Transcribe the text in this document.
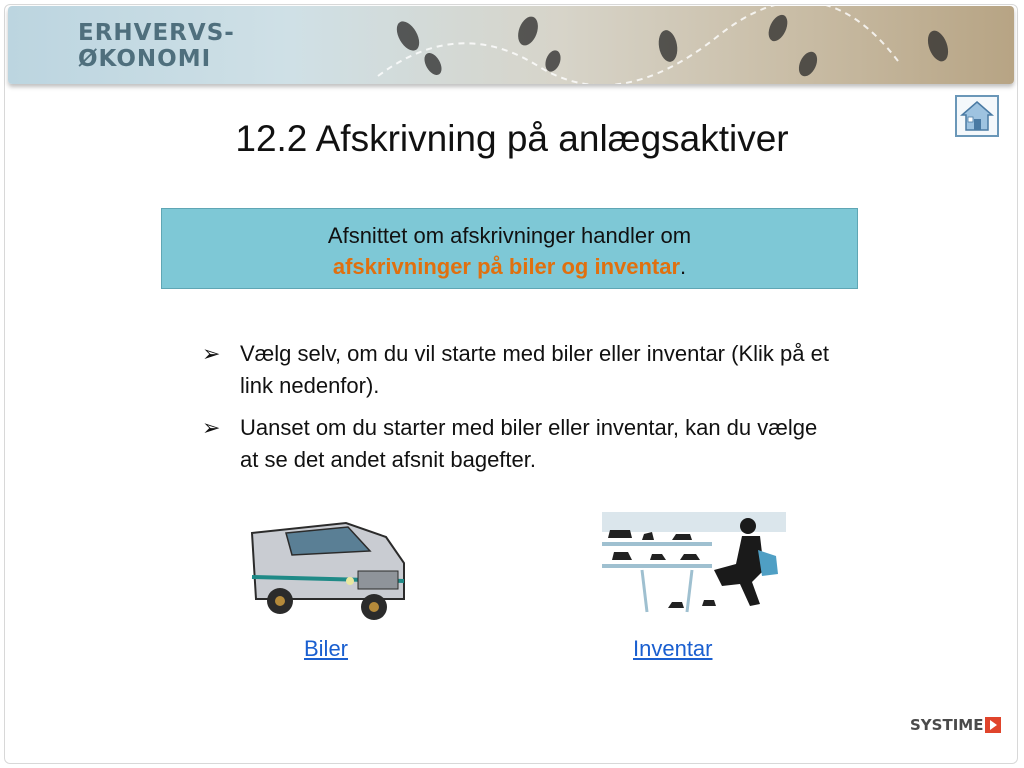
ERHVERVS-
ØKONOMI
12.2 Afskrivning på anlægsaktiver
Afsnittet om afskrivninger handler om
afskrivninger på biler og inventar.
➢ Vælg selv, om du vil starte med biler eller inventar (Klik på et link nedenfor).
➢ Uanset om du starter med biler eller inventar, kan du vælge at se det andet afsnit bagefter.
Biler	Inventar
SYSTIME
